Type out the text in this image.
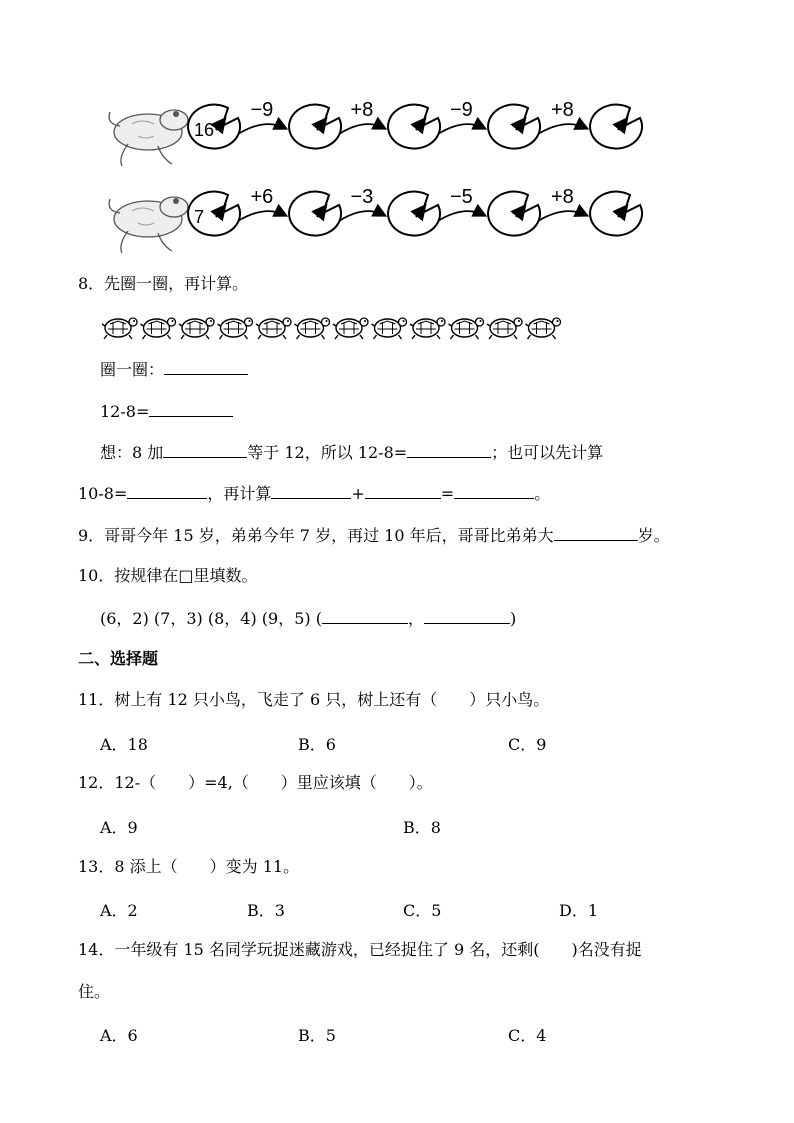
16
−9	+8	−9	+8
7
+6	−3	−5	+8
8．先圈一圈，再计算。
圈一圈：
12-8=
想：8 加	等于 12，所以 12-8=	；也可以先计算
10-8=	，再计算	+	=	。
9．哥哥今年 15 岁，弟弟今年 7 岁，再过 10 年后，哥哥比弟弟大	岁。
10．按规律在□里填数。
(6，2) (7，3) (8，4) (9，5) (	，	)
二、选择题
11．树上有 12 只小鸟，飞走了 6 只，树上还有（　　）只小鸟。
A．18	B．6	C．9
12．12-（　　）=4,（　　）里应该填（　　）。
A．9	B．8
13．8 添上（　　）变为 11。
A．2	B．3	C．5	D．1
14．一年级有 15 名同学玩捉迷藏游戏，已经捉住了 9 名，还剩(　　)名没有捉
住。
A．6	B．5	C．4
